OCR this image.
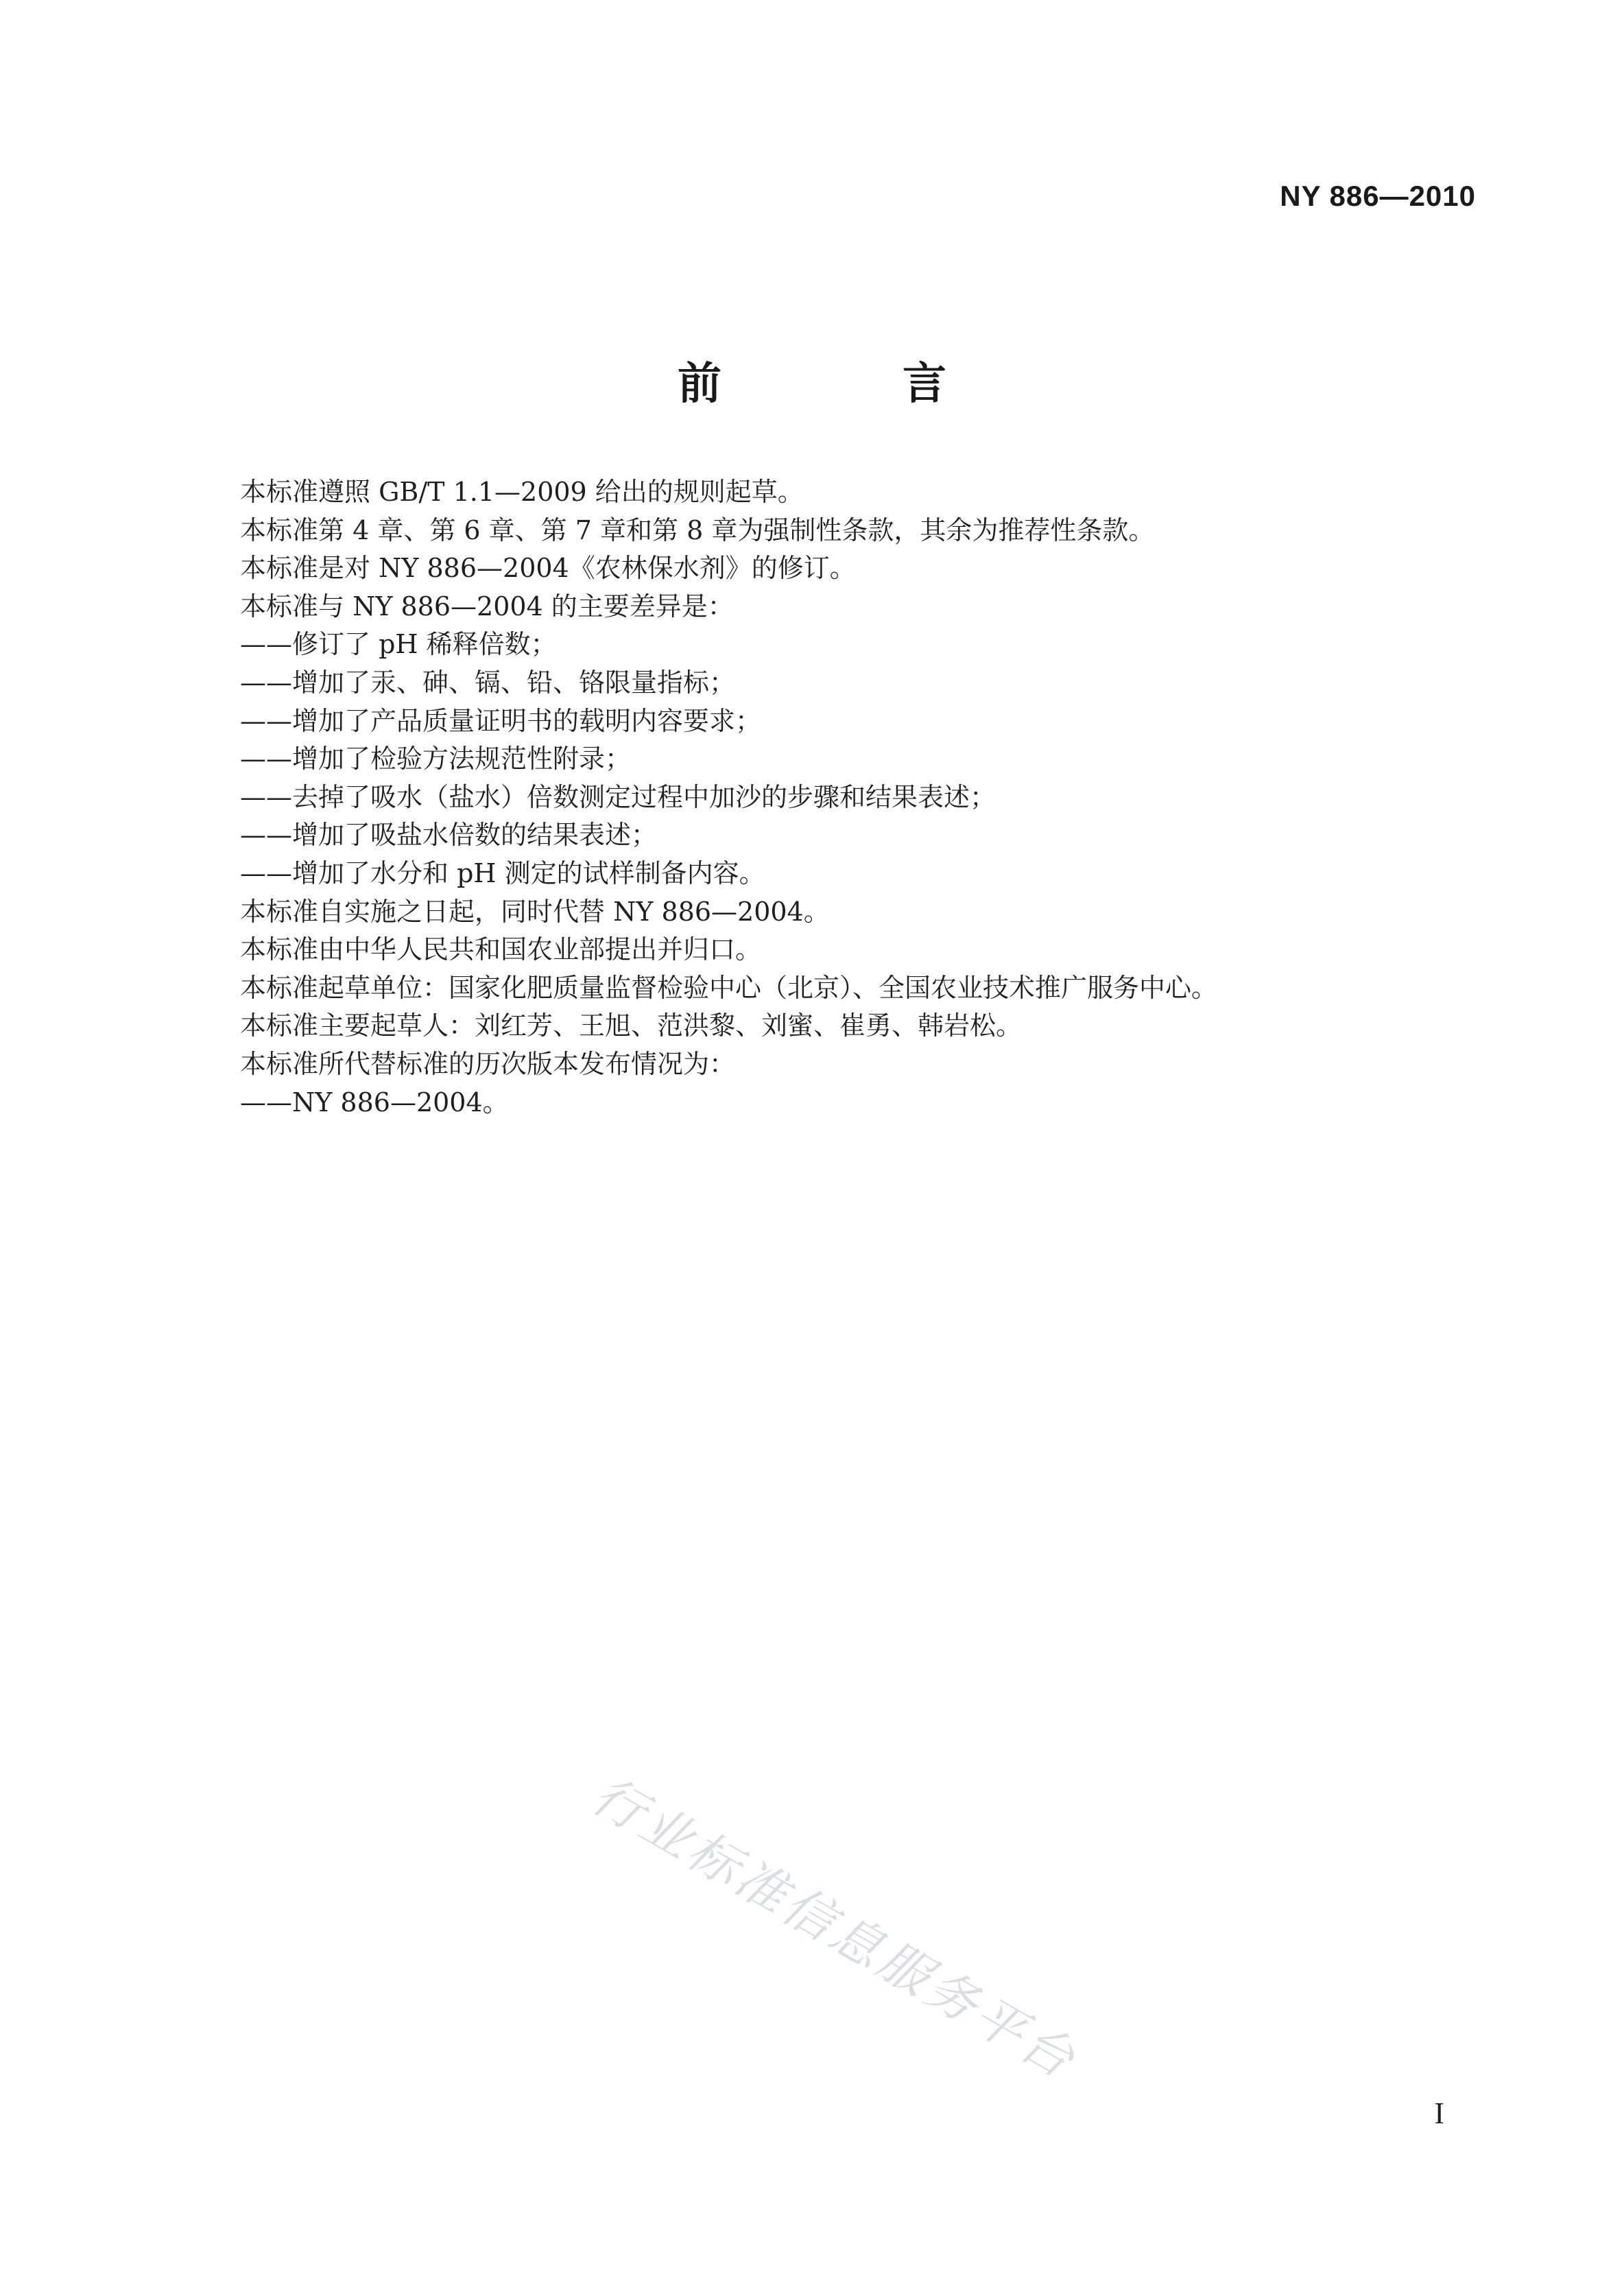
NY 886—2010
前　言
本标准遵照 GB/T 1.1—2009 给出的规则起草。
本标准第 4 章、第 6 章、第 7 章和第 8 章为强制性条款，其余为推荐性条款。
本标准是对 NY 886—2004《农林保水剂》的修订。
本标准与 NY 886—2004 的主要差异是：
——修订了 pH 稀释倍数；
——增加了汞、砷、镉、铅、铬限量指标；
——增加了产品质量证明书的载明内容要求；
——增加了检验方法规范性附录；
——去掉了吸水（盐水）倍数测定过程中加沙的步骤和结果表述；
——增加了吸盐水倍数的结果表述；
——增加了水分和 pH 测定的试样制备内容。
本标准自实施之日起，同时代替 NY 886—2004。
本标准由中华人民共和国农业部提出并归口。
本标准起草单位：国家化肥质量监督检验中心（北京）、全国农业技术推广服务中心。
本标准主要起草人：刘红芳、王旭、范洪黎、刘蜜、崔勇、韩岩松。
本标准所代替标准的历次版本发布情况为：
——NY 886—2004。
行业标准信息服务平台
I
